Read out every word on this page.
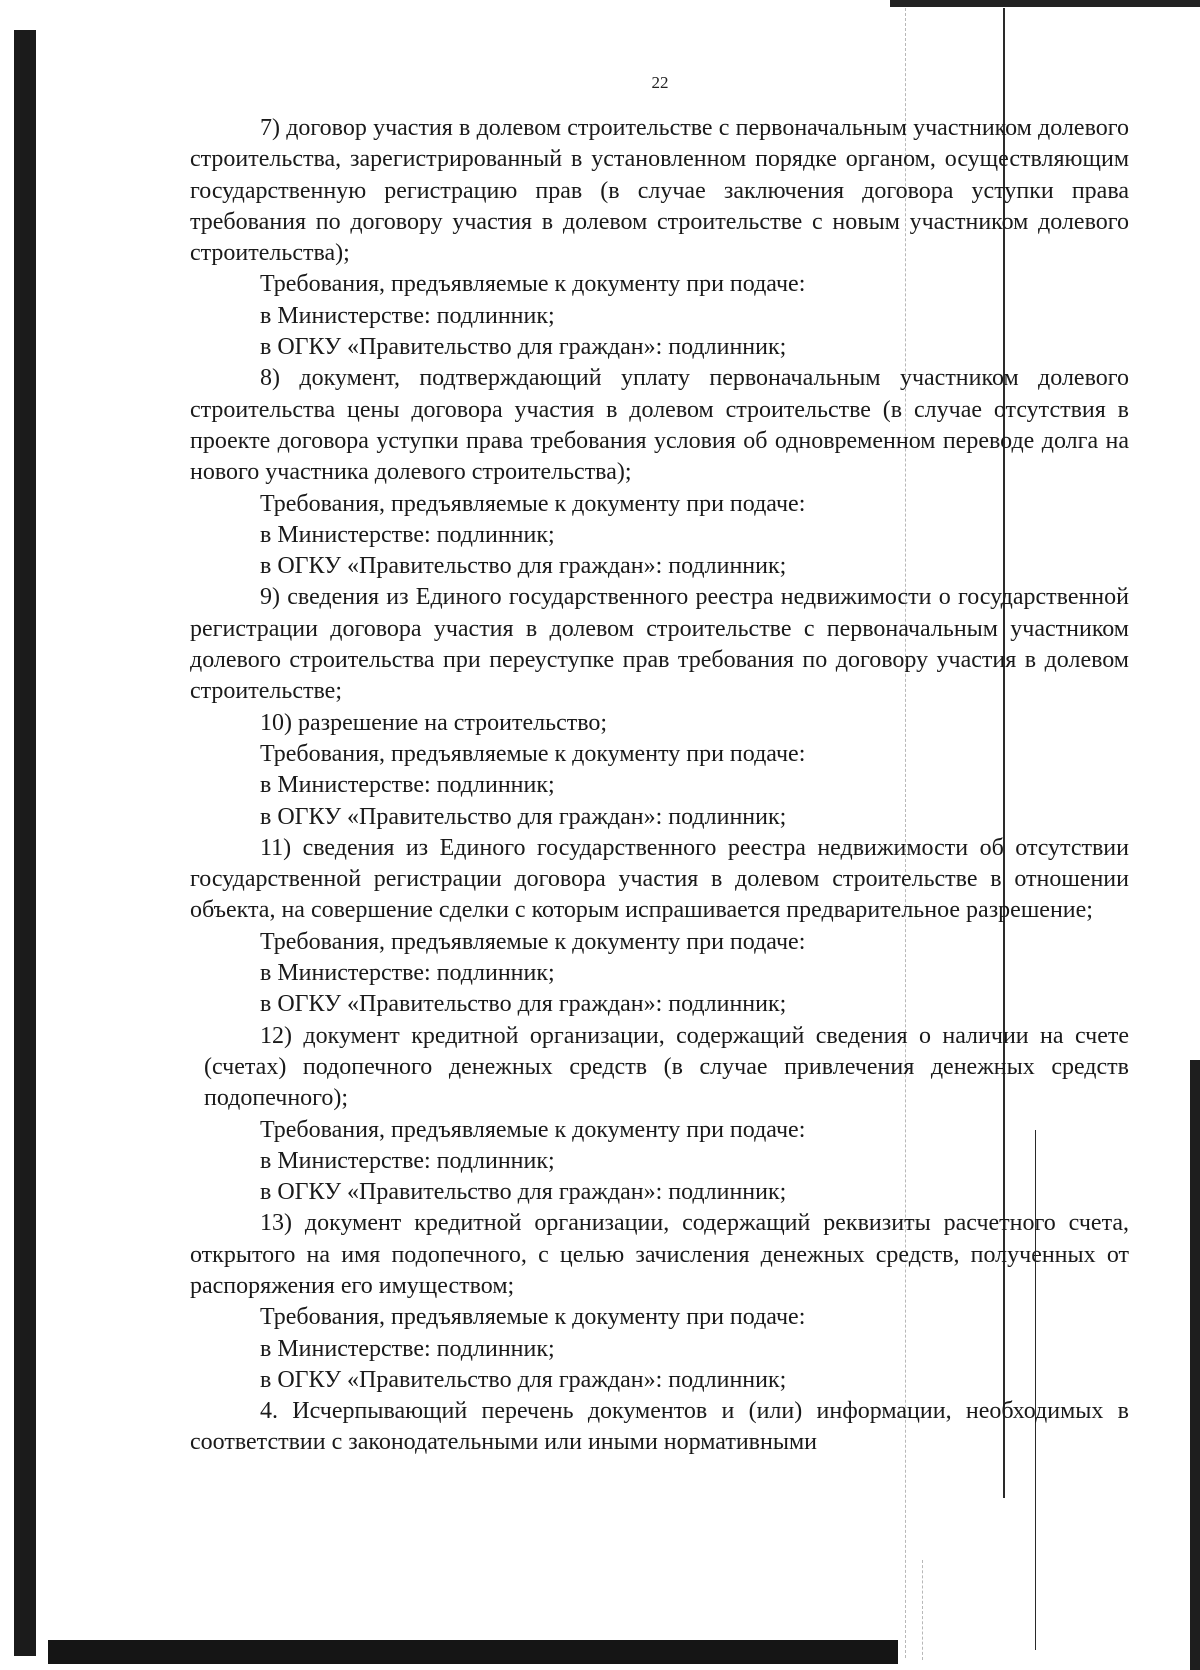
22

7) договор участия в долевом строительстве с первоначальным участником долевого строительства, зарегистрированный в установленном порядке органом, осуществляющим государственную регистрацию прав (в случае заключения договора уступки права требования по договору участия в долевом строительстве с новым участником долевого строительства);

Требования, предъявляемые к документу при подаче:

в Министерстве: подлинник;

в ОГКУ «Правительство для граждан»: подлинник;

8) документ, подтверждающий уплату первоначальным участником долевого строительства цены договора участия в долевом строительстве (в случае отсутствия в проекте договора уступки права требования условия об одновременном переводе долга на нового участника долевого строительства);

Требования, предъявляемые к документу при подаче:

в Министерстве: подлинник;

в ОГКУ «Правительство для граждан»: подлинник;

9) сведения из Единого государственного реестра недвижимости о государственной регистрации договора участия в долевом строительстве с первоначальным участником долевого строительства при переуступке прав требования по договору участия в долевом строительстве;

10) разрешение на строительство;

Требования, предъявляемые к документу при подаче:

в Министерстве: подлинник;

в ОГКУ «Правительство для граждан»: подлинник;

11) сведения из Единого государственного реестра недвижимости об отсутствии государственной регистрации договора участия в долевом строительстве в отношении объекта, на совершение сделки с которым испрашивается предварительное разрешение;

Требования, предъявляемые к документу при подаче:

в Министерстве: подлинник;

в ОГКУ «Правительство для граждан»: подлинник;

12) документ кредитной организации, содержащий сведения о наличии на счете (счетах) подопечного денежных средств (в случае привлечения денежных средств подопечного);

Требования, предъявляемые к документу при подаче:

в Министерстве: подлинник;

в ОГКУ «Правительство для граждан»: подлинник;

13) документ кредитной организации, содержащий реквизиты расчетного счета, открытого на имя подопечного, с целью зачисления денежных средств, полученных от распоряжения его имуществом;

Требования, предъявляемые к документу при подаче:

в Министерстве: подлинник;

в ОГКУ «Правительство для граждан»: подлинник;

4. Исчерпывающий перечень документов и (или) информации, необходимых в соответствии с законодательными или иными нормативными
